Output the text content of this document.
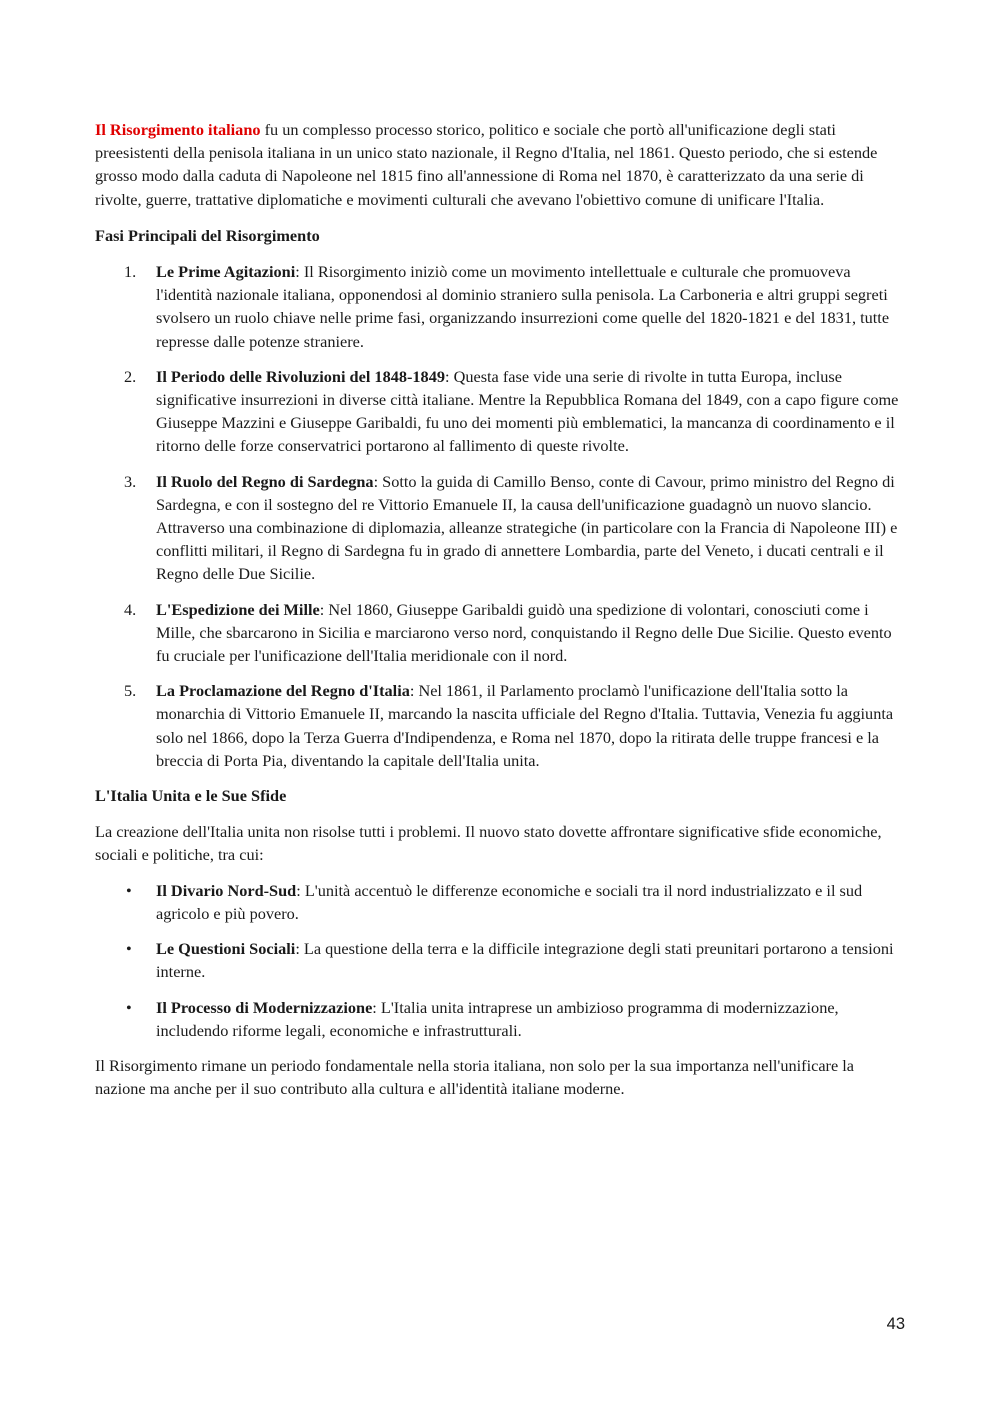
Il Risorgimento italiano fu un complesso processo storico, politico e sociale che portò all'unificazione degli stati preesistenti della penisola italiana in un unico stato nazionale, il Regno d'Italia, nel 1861. Questo periodo, che si estende grosso modo dalla caduta di Napoleone nel 1815 fino all'annessione di Roma nel 1870, è caratterizzato da una serie di rivolte, guerre, trattative diplomatiche e movimenti culturali che avevano l'obiettivo comune di unificare l'Italia.

Fasi Principali del Risorgimento

1. Le Prime Agitazioni: Il Risorgimento iniziò come un movimento intellettuale e culturale che promuoveva l'identità nazionale italiana, opponendosi al dominio straniero sulla penisola. La Carboneria e altri gruppi segreti svolsero un ruolo chiave nelle prime fasi, organizzando insurrezioni come quelle del 1820-1821 e del 1831, tutte represse dalle potenze straniere.
2. Il Periodo delle Rivoluzioni del 1848-1849: Questa fase vide una serie di rivolte in tutta Europa, incluse significative insurrezioni in diverse città italiane. Mentre la Repubblica Romana del 1849, con a capo figure come Giuseppe Mazzini e Giuseppe Garibaldi, fu uno dei momenti più emblematici, la mancanza di coordinamento e il ritorno delle forze conservatrici portarono al fallimento di queste rivolte.
3. Il Ruolo del Regno di Sardegna: Sotto la guida di Camillo Benso, conte di Cavour, primo ministro del Regno di Sardegna, e con il sostegno del re Vittorio Emanuele II, la causa dell'unificazione guadagnò un nuovo slancio. Attraverso una combinazione di diplomazia, alleanze strategiche (in particolare con la Francia di Napoleone III) e conflitti militari, il Regno di Sardegna fu in grado di annettere Lombardia, parte del Veneto, i ducati centrali e il Regno delle Due Sicilie.
4. L'Espedizione dei Mille: Nel 1860, Giuseppe Garibaldi guidò una spedizione di volontari, conosciuti come i Mille, che sbarcarono in Sicilia e marciarono verso nord, conquistando il Regno delle Due Sicilie. Questo evento fu cruciale per l'unificazione dell'Italia meridionale con il nord.
5. La Proclamazione del Regno d'Italia: Nel 1861, il Parlamento proclamò l'unificazione dell'Italia sotto la monarchia di Vittorio Emanuele II, marcando la nascita ufficiale del Regno d'Italia. Tuttavia, Venezia fu aggiunta solo nel 1866, dopo la Terza Guerra d'Indipendenza, e Roma nel 1870, dopo la ritirata delle truppe francesi e la breccia di Porta Pia, diventando la capitale dell'Italia unita.

L'Italia Unita e le Sue Sfide

La creazione dell'Italia unita non risolse tutti i problemi. Il nuovo stato dovette affrontare significative sfide economiche, sociali e politiche, tra cui:

• Il Divario Nord-Sud: L'unità accentuò le differenze economiche e sociali tra il nord industrializzato e il sud agricolo e più povero.
• Le Questioni Sociali: La questione della terra e la difficile integrazione degli stati preunitari portarono a tensioni interne.
• Il Processo di Modernizzazione: L'Italia unita intraprese un ambizioso programma di modernizzazione, includendo riforme legali, economiche e infrastrutturali.

Il Risorgimento rimane un periodo fondamentale nella storia italiana, non solo per la sua importanza nell'unificare la nazione ma anche per il suo contributo alla cultura e all'identità italiane moderne.

43
